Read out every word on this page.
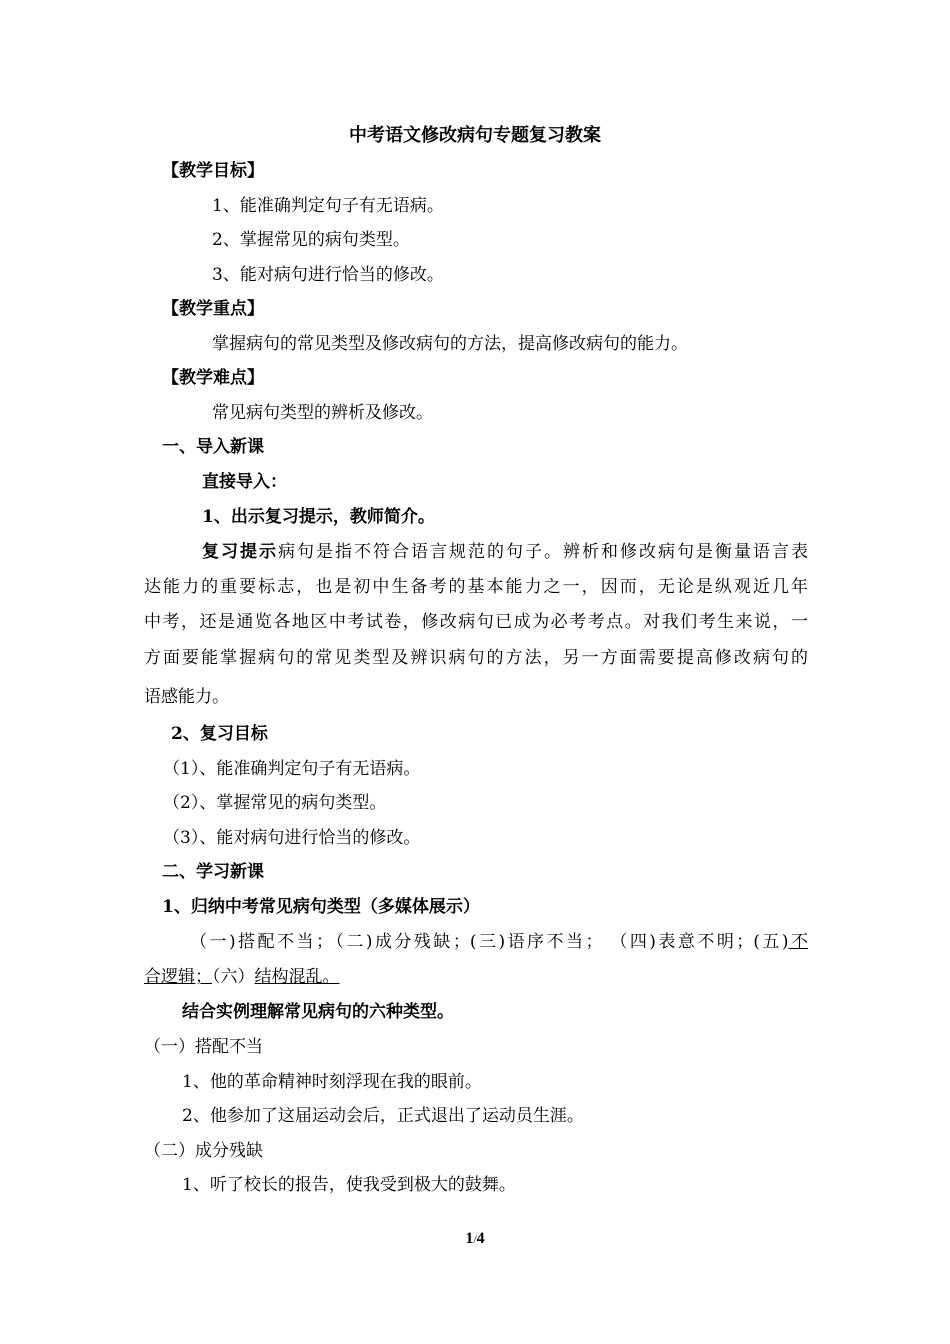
中考语文修改病句专题复习教案
【教学目标】
1、能准确判定句子有无语病。
2、掌握常见的病句类型。
3、能对病句进行恰当的修改。
【教学重点】
掌握病句的常见类型及修改病句的方法，提高修改病句的能力。
【教学难点】
常见病句类型的辨析及修改。
一、导入新课
直接导入：
1、出示复习提示，教师简介。
复习提示病句是指不符合语言规范的句子。辨析和修改病句是衡量语言表
达能力的重要标志，也是初中生备考的基本能力之一，因而，无论是纵观近几年
中考，还是通览各地区中考试卷，修改病句已成为必考考点。对我们考生来说，一
方面要能掌握病句的常见类型及辨识病句的方法，另一方面需要提高修改病句的
语感能力。
2、复习目标
（1）、能准确判定句子有无语病。
（2）、掌握常见的病句类型。
（3）、能对病句进行恰当的修改。
二、学习新课
1、归纳中考常见病句类型（多媒体展示）
（一)搭配不当；（二)成分残缺；(三)语序不当； （四)表意不明；(五)不
合逻辑；（六）结构混乱。
结合实例理解常见病句的六种类型。
（一）搭配不当
1、他的革命精神时刻浮现在我的眼前。
2、他参加了这届运动会后，正式退出了运动员生涯。
（二）成分残缺
1、听了校长的报告，使我受到极大的鼓舞。
1/4
